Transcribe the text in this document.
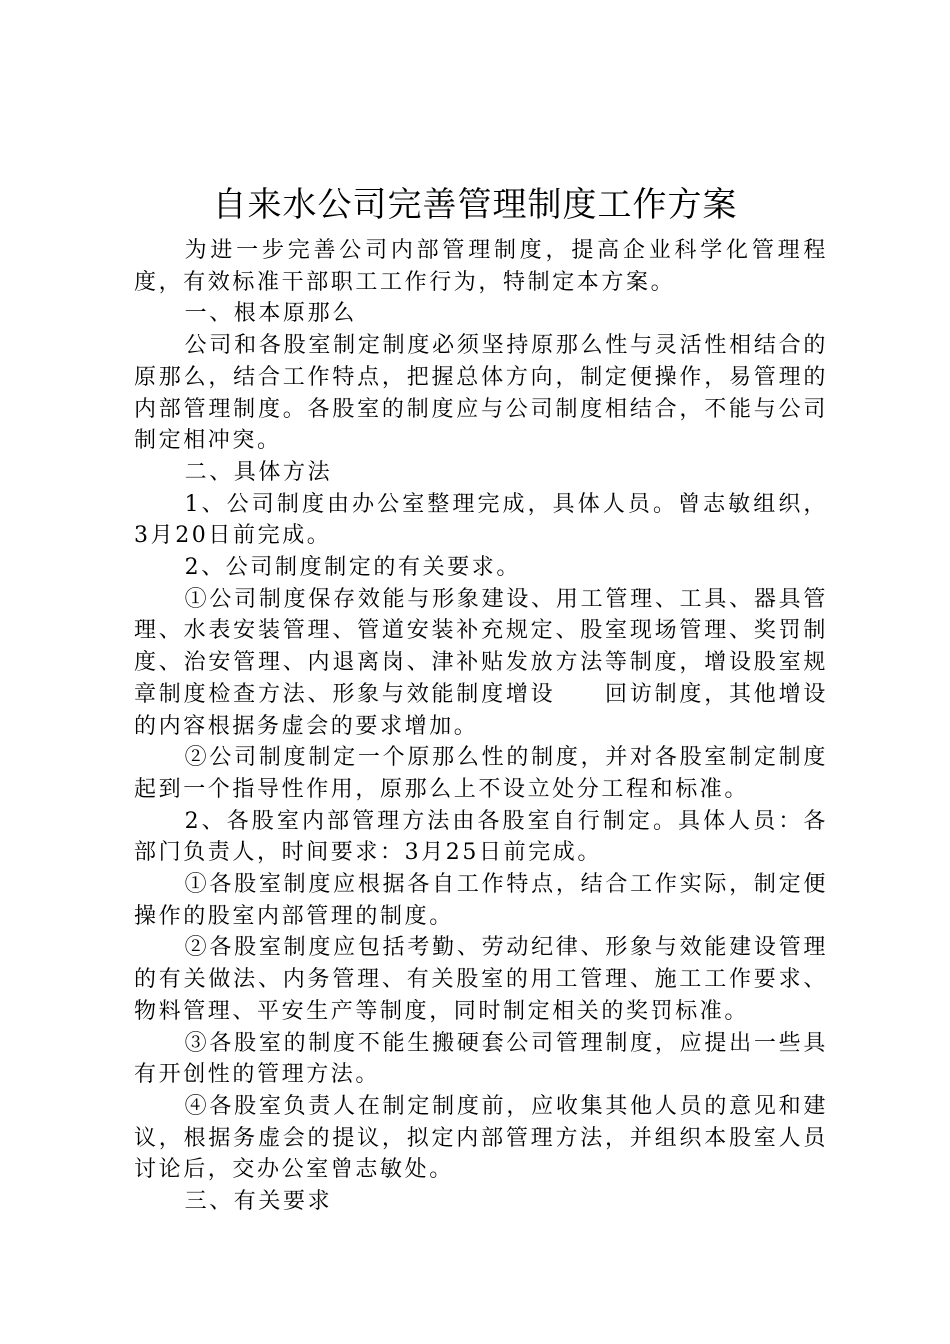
自来水公司完善管理制度工作方案

为进一步完善公司内部管理制度，提高企业科学化管理程度，有效标准干部职工工作行为，特制定本方案。

一、根本原那么

公司和各股室制定制度必须坚持原那么性与灵活性相结合的原那么，结合工作特点，把握总体方向，制定便操作，易管理的内部管理制度。各股室的制度应与公司制度相结合，不能与公司制定相冲突。

二、具体方法

1、公司制度由办公室整理完成，具体人员。曾志敏组织，3月20日前完成。

2、公司制度制定的有关要求。

①公司制度保存效能与形象建设、用工管理、工具、器具管理、水表安装管理、管道安装补充规定、股室现场管理、奖罚制度、治安管理、内退离岗、津补贴发放方法等制度，增设股室规章制度检查方法、形象与效能制度增设　　回访制度，其他增设的内容根据务虚会的要求增加。

②公司制度制定一个原那么性的制度，并对各股室制定制度起到一个指导性作用，原那么上不设立处分工程和标准。

2、各股室内部管理方法由各股室自行制定。具体人员：各部门负责人，时间要求：3月25日前完成。

①各股室制度应根据各自工作特点，结合工作实际，制定便操作的股室内部管理的制度。

②各股室制度应包括考勤、劳动纪律、形象与效能建设管理的有关做法、内务管理、有关股室的用工管理、施工工作要求、物料管理、平安生产等制度，同时制定相关的奖罚标准。

③各股室的制度不能生搬硬套公司管理制度，应提出一些具有开创性的管理方法。

④各股室负责人在制定制度前，应收集其他人员的意见和建议，根据务虚会的提议，拟定内部管理方法，并组织本股室人员讨论后，交办公室曾志敏处。

三、有关要求
